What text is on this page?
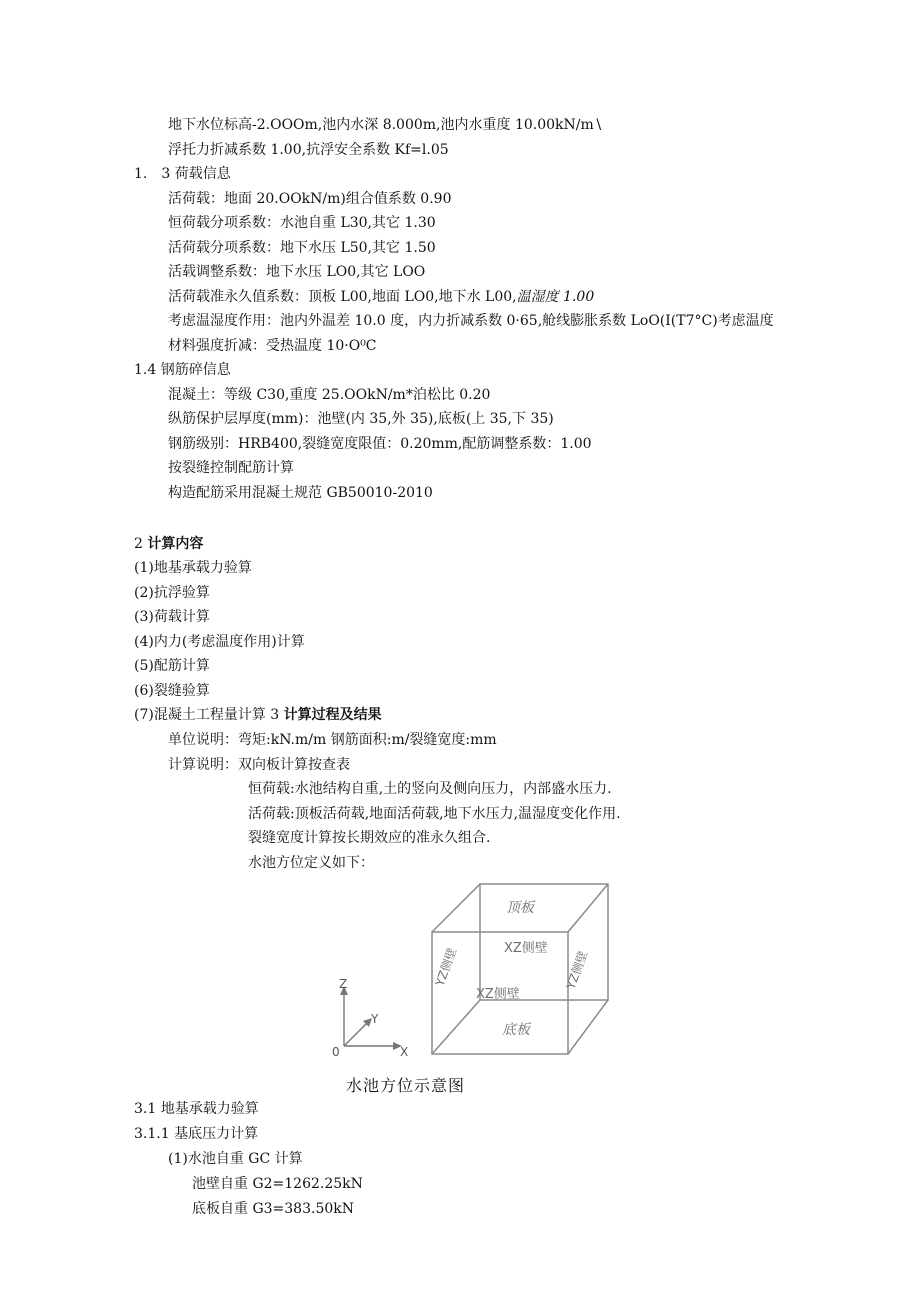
地下水位标高-2.OOOm,池内水深 8.000m,池内水重度 10.00kN∕m∖
浮托力折减系数 1.00,抗浮安全系数 Kf=l.05
1.　3 荷载信息
活荷载：地面 20.OOkN/m)组合值系数 0.90
恒荷载分项系数：水池自重 L30,其它 1.30
活荷载分项系数：地下水压 L50,其它 1.50
活载调整系数：地下水压 LO0,其它 LOO
活荷载准永久值系数：顶板 L00,地面 LO0,地下水 L00,温湿度 1.00
考虑温湿度作用：池内外温差 10.0 度，内力折减系数 0·65,舱线膨胀系数 LoO(I(T7°C)考虑温度
材料强度折减：受热温度 10·O⁰C
1.4 钢筋碎信息
混凝土：等级 C30,重度 25.OOkN/m*泊松比 0.20
纵筋保护层厚度(mm)：池壁(内 35,外 35),底板(上 35,下 35)
钢筋级别：HRB400,裂缝宽度限值：0.20mm,配筋调整系数：1.00
按裂缝控制配筋计算
构造配筋采用混凝土规范 GB50010-2010
2 计算内容
(1)地基承载力验算
(2)抗浮验算
(3)荷载计算
(4)内力(考虑温度作用)计算
(5)配筋计算
(6)裂缝验算
(7)混凝土工程量计算 3 计算过程及结果
单位说明：弯矩:kN.m/m 钢筋面积:m/裂缝宽度:mm
计算说明：双向板计算按查表
恒荷载:水池结构自重,土的竖向及侧向压力，内部盛水压力.
活荷载:顶板活荷载,地面活荷载,地下水压力,温湿度变化作用.
裂缝宽度计算按长期效应的准永久组合.
水池方位定义如下：
Z
Y
X
0
顶板
底板
XZ侧壁
XZ侧壁
YZ侧壁	YZ侧壁
水池方位示意图
3.1 地基承载力验算
3.1.1 基底压力计算
(1)水池自重 GC 计算
池壁自重 G2=1262.25kN
底板自重 G3=383.50kN
